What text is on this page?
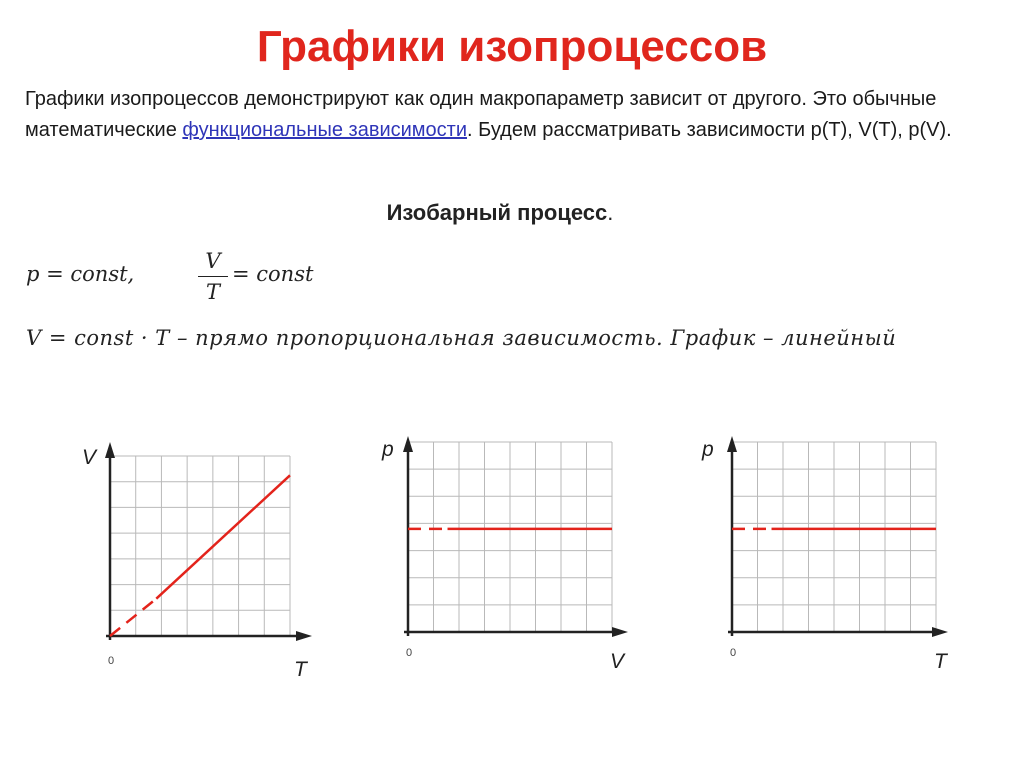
Графики изопроцессов
Графики изопроцессов демонстрируют как один макропараметр зависит от другого. Это обычные математические функциональные зависимости. Будем рассматривать зависимости p(T), V(T), p(V).
Изобарный процесс.
p = const,
V
T
= const
V = const · T – прямо пропорциональная зависимость. График – линейный
V
T
0
p
V
0
p
T
0
